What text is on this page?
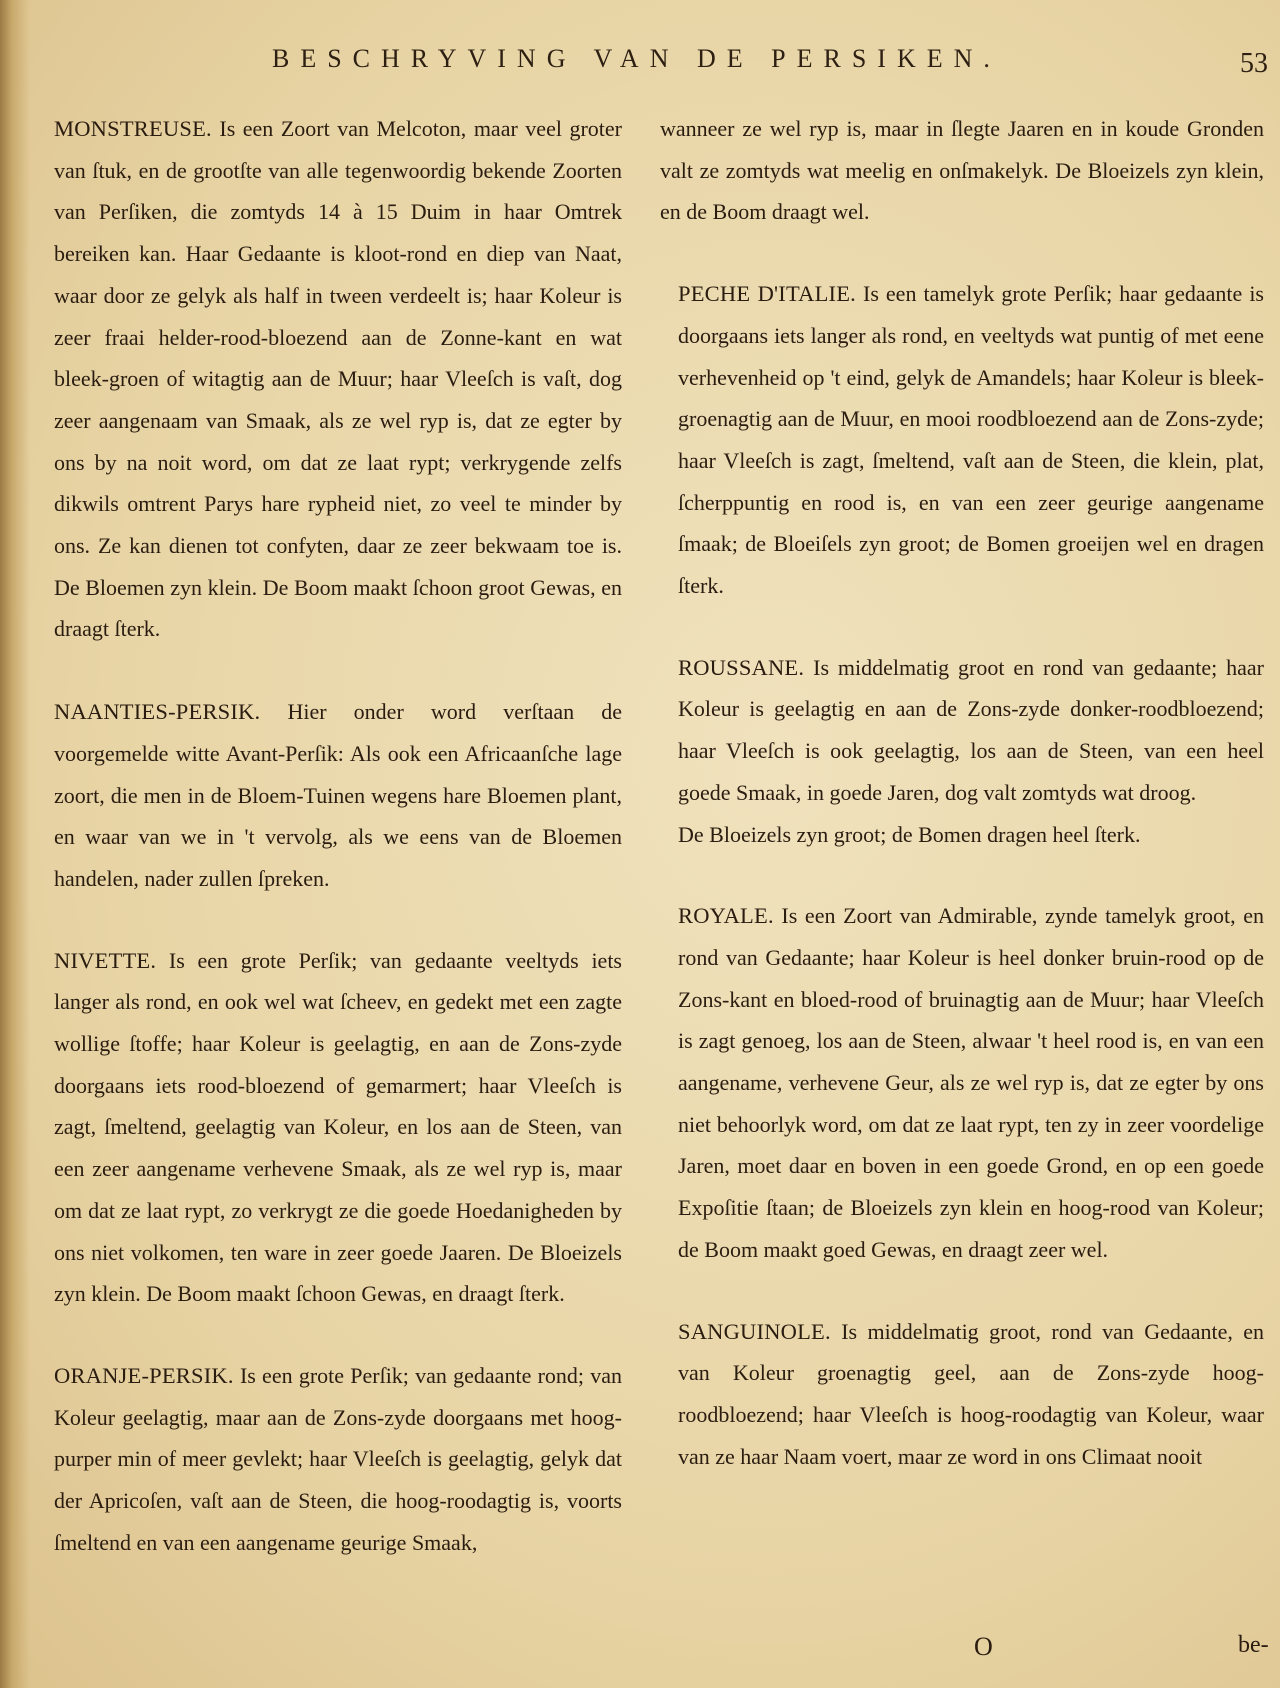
BESCHRYVING VAN DE PERSIKEN.	53

MONSTREUSE. Is een Zoort van Melcoton, maar veel groter van ſtuk, en de grootſte van alle tegenwoordig bekende Zoorten van Perſiken, die zomtyds 14 à 15 Duim in haar Omtrek bereiken kan. Haar Gedaante is kloot-rond en diep van Naat, waar door ze gelyk als half in tween verdeelt is; haar Koleur is zeer fraai helder-rood-bloezend aan de Zonne-kant en wat bleek-groen of witagtig aan de Muur; haar Vleeſch is vaſt, dog zeer aangenaam van Smaak, als ze wel ryp is, dat ze egter by ons by na noit word, om dat ze laat rypt; verkrygende zelfs dikwils omtrent Parys hare rypheid niet, zo veel te minder by ons. Ze kan dienen tot confyten, daar ze zeer bekwaam toe is. De Bloemen zyn klein. De Boom maakt ſchoon groot Gewas, en draagt ſterk.

NAANTIES-PERSIK. Hier onder word verſtaan de voorgemelde witte Avant-Perſik: Als ook een Africaanſche lage zoort, die men in de Bloem-Tuinen wegens hare Bloemen plant, en waar van we in 't vervolg, als we eens van de Bloemen handelen, nader zullen ſpreken.

NIVETTE. Is een grote Perſik; van gedaante veeltyds iets langer als rond, en ook wel wat ſcheev, en gedekt met een zagte wollige ſtoffe; haar Koleur is geelagtig, en aan de Zons-zyde doorgaans iets rood-bloezend of gemarmert; haar Vleeſch is zagt, ſmeltend, geelagtig van Koleur, en los aan de Steen, van een zeer aangename verhevene Smaak, als ze wel ryp is, maar om dat ze laat rypt, zo verkrygt ze die goede Hoedanigheden by ons niet volkomen, ten ware in zeer goede Jaaren. De Bloeizels zyn klein. De Boom maakt ſchoon Gewas, en draagt ſterk.

ORANJE-PERSIK. Is een grote Perſik; van gedaante rond; van Koleur geelagtig, maar aan de Zons-zyde doorgaans met hoog-purper min of meer gevlekt; haar Vleeſch is geelagtig, gelyk dat der Apricoſen, vaſt aan de Steen, die hoog-roodagtig is, voorts ſmeltend en van een aangename geurige Smaak,

wanneer ze wel ryp is, maar in ſlegte Jaaren en in koude Gronden valt ze zomtyds wat meelig en onſmakelyk. De Bloeizels zyn klein, en de Boom draagt wel.

PECHE D'ITALIE. Is een tamelyk grote Perſik; haar gedaante is doorgaans iets langer als rond, en veeltyds wat puntig of met eene verhevenheid op 't eind, gelyk de Amandels; haar Koleur is bleek-groenagtig aan de Muur, en mooi roodbloezend aan de Zons-zyde; haar Vleeſch is zagt, ſmeltend, vaſt aan de Steen, die klein, plat, ſcherppuntig en rood is, en van een zeer geurige aangename ſmaak; de Bloeiſels zyn groot; de Bomen groeijen wel en dragen ſterk.

ROUSSANE. Is middelmatig groot en rond van gedaante; haar Koleur is geelagtig en aan de Zons-zyde donker-roodbloezend; haar Vleeſch is ook geelagtig, los aan de Steen, van een heel goede Smaak, in goede Jaren, dog valt zomtyds wat droog.

De Bloeizels zyn groot; de Bomen dragen heel ſterk.

ROYALE. Is een Zoort van Admirable, zynde tamelyk groot, en rond van Gedaante; haar Koleur is heel donker bruin-rood op de Zons-kant en bloed-rood of bruinagtig aan de Muur; haar Vleeſch is zagt genoeg, los aan de Steen, alwaar 't heel rood is, en van een aangename, verhevene Geur, als ze wel ryp is, dat ze egter by ons niet behoorlyk word, om dat ze laat rypt, ten zy in zeer voordelige Jaren, moet daar en boven in een goede Grond, en op een goede Expoſitie ſtaan; de Bloeizels zyn klein en hoog-rood van Koleur; de Boom maakt goed Gewas, en draagt zeer wel.

SANGUINOLE. Is middelmatig groot, rond van Gedaante, en van Koleur groenagtig geel, aan de Zons-zyde hoog-roodbloezend; haar Vleeſch is hoog-roodagtig van Koleur, waar van ze haar Naam voert, maar ze word in ons Climaat nooit

O	be-
